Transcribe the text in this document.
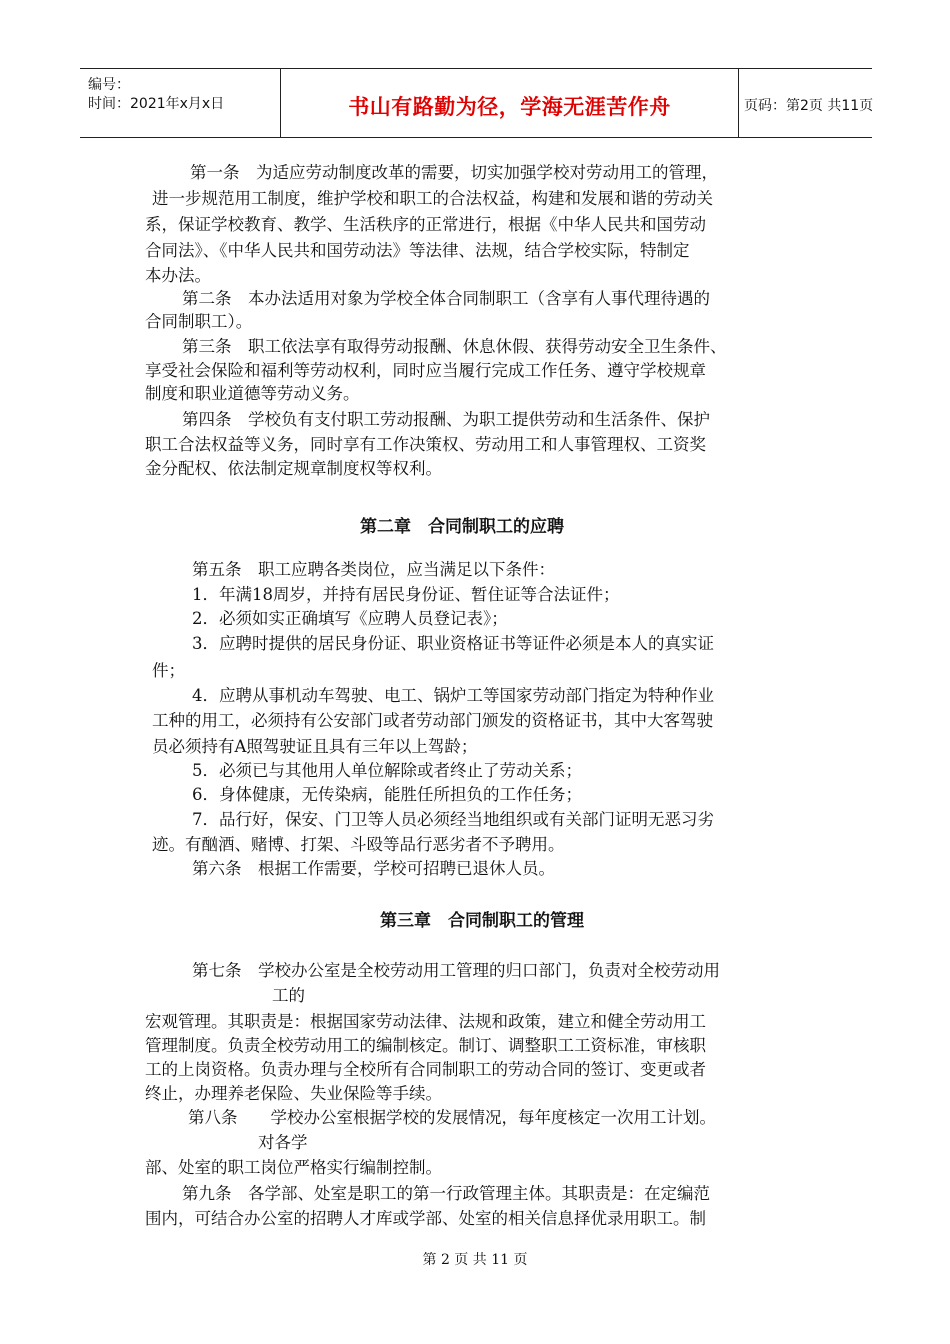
编号：
时间：2021年x月x日	书山有路勤为径，学海无涯苦作舟	页码：第2页 共11页
第一条　为适应劳动制度改革的需要，切实加强学校对劳动用工的管理，
进一步规范用工制度，维护学校和职工的合法权益，构建和发展和谐的劳动关
系，保证学校教育、教学、生活秩序的正常进行，根据《中华人民共和国劳动
合同法》、《中华人民共和国劳动法》等法律、法规，结合学校实际，特制定
本办法。
第二条　本办法适用对象为学校全体合同制职工（含享有人事代理待遇的
合同制职工）。
第三条　职工依法享有取得劳动报酬、休息休假、获得劳动安全卫生条件、
享受社会保险和福利等劳动权利，同时应当履行完成工作任务、遵守学校规章
制度和职业道德等劳动义务。
第四条　学校负有支付职工劳动报酬、为职工提供劳动和生活条件、保护
职工合法权益等义务，同时享有工作决策权、劳动用工和人事管理权、工资奖
金分配权、依法制定规章制度权等权利。
第二章　合同制职工的应聘
第五条　职工应聘各类岗位，应当满足以下条件：
1．年满18周岁，并持有居民身份证、暂住证等合法证件；
2．必须如实正确填写《应聘人员登记表》；
3．应聘时提供的居民身份证、职业资格证书等证件必须是本人的真实证
件；
4．应聘从事机动车驾驶、电工、锅炉工等国家劳动部门指定为特种作业
工种的用工，必须持有公安部门或者劳动部门颁发的资格证书，其中大客驾驶
员必须持有A照驾驶证且具有三年以上驾龄；
5．必须已与其他用人单位解除或者终止了劳动关系；
6．身体健康，无传染病，能胜任所担负的工作任务；
7．品行好，保安、门卫等人员必须经当地组织或有关部门证明无恶习劣
迹。有酗酒、赌博、打架、斗殴等品行恶劣者不予聘用。
第六条　根据工作需要，学校可招聘已退休人员。
第三章　合同制职工的管理
第七条　学校办公室是全校劳动用工管理的归口部门，负责对全校劳动用
工的
宏观管理。其职责是：根据国家劳动法律、法规和政策，建立和健全劳动用工
管理制度。负责全校劳动用工的编制核定。制订、调整职工工资标准，审核职
工的上岗资格。负责办理与全校所有合同制职工的劳动合同的签订、变更或者
终止，办理养老保险、失业保险等手续。
第八条　　学校办公室根据学校的发展情况，每年度核定一次用工计划。
对各学
部、处室的职工岗位严格实行编制控制。
第九条　各学部、处室是职工的第一行政管理主体。其职责是：在定编范
围内，可结合办公室的招聘人才库或学部、处室的相关信息择优录用职工。制
第 2 页 共 11 页
